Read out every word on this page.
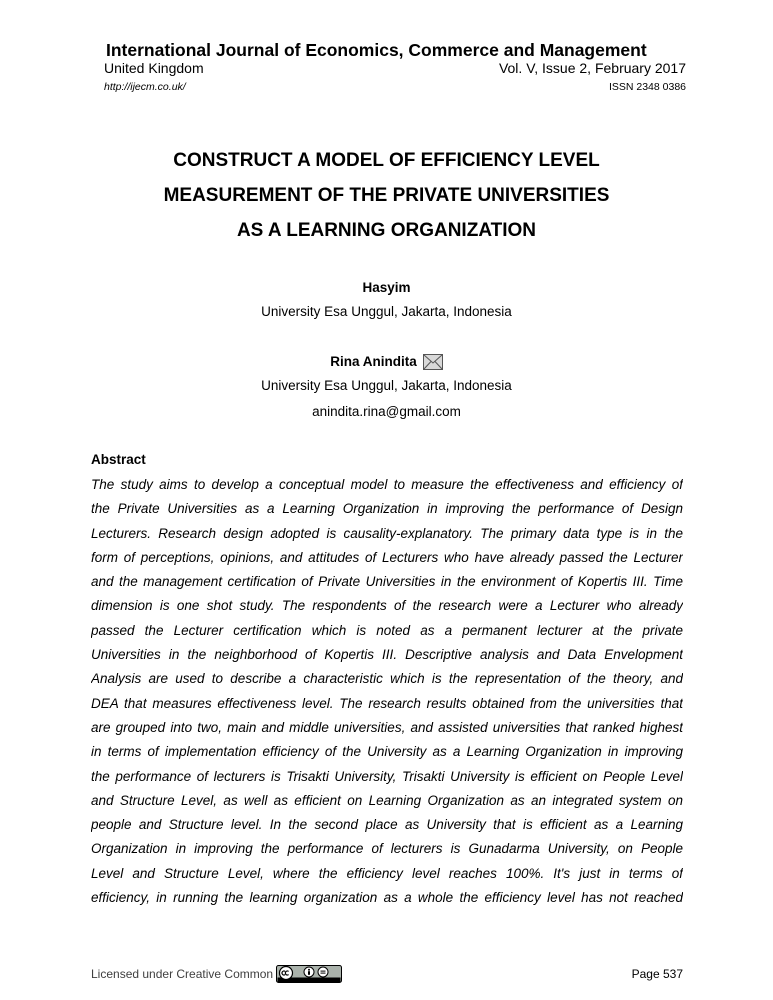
International Journal of Economics, Commerce and Management
United Kingdom	Vol. V, Issue 2, February 2017
http://ijecm.co.uk/	ISSN 2348 0386
CONSTRUCT A MODEL OF EFFICIENCY LEVEL
MEASUREMENT OF THE PRIVATE UNIVERSITIES
AS A LEARNING ORGANIZATION
Hasyim
University Esa Unggul, Jakarta, Indonesia
Rina Anindita
University Esa Unggul, Jakarta, Indonesia
anindita.rina@gmail.com
Abstract
The study aims to develop a conceptual model to measure the effectiveness and efficiency of
the Private Universities as a Learning Organization in improving the performance of Design
Lecturers. Research design adopted is causality-explanatory. The primary data type is in the
form of perceptions, opinions, and attitudes of Lecturers who have already passed the Lecturer
and the management certification of Private Universities in the environment of Kopertis III. Time
dimension is one shot study. The respondents of the research were a Lecturer who already
passed the Lecturer certification which is noted as a permanent lecturer at the private
Universities in the neighborhood of Kopertis III. Descriptive analysis and Data Envelopment
Analysis are used to describe a characteristic which is the representation of the theory, and
DEA that measures effectiveness level. The research results obtained from the universities that
are grouped into two, main and middle universities, and assisted universities that ranked highest
in terms of implementation efficiency of the University as a Learning Organization in improving
the performance of lecturers is Trisakti University, Trisakti University is efficient on People Level
and Structure Level, as well as efficient on Learning Organization as an integrated system on
people and Structure level. In the second place as University that is efficient as a Learning
Organization in improving the performance of lecturers is Gunadarma University, on People
Level and Structure Level, where the efficiency level reaches 100%. It's just in terms of
efficiency, in running the learning organization as a whole the efficiency level has not reached
Licensed under Creative Common	Page 537
